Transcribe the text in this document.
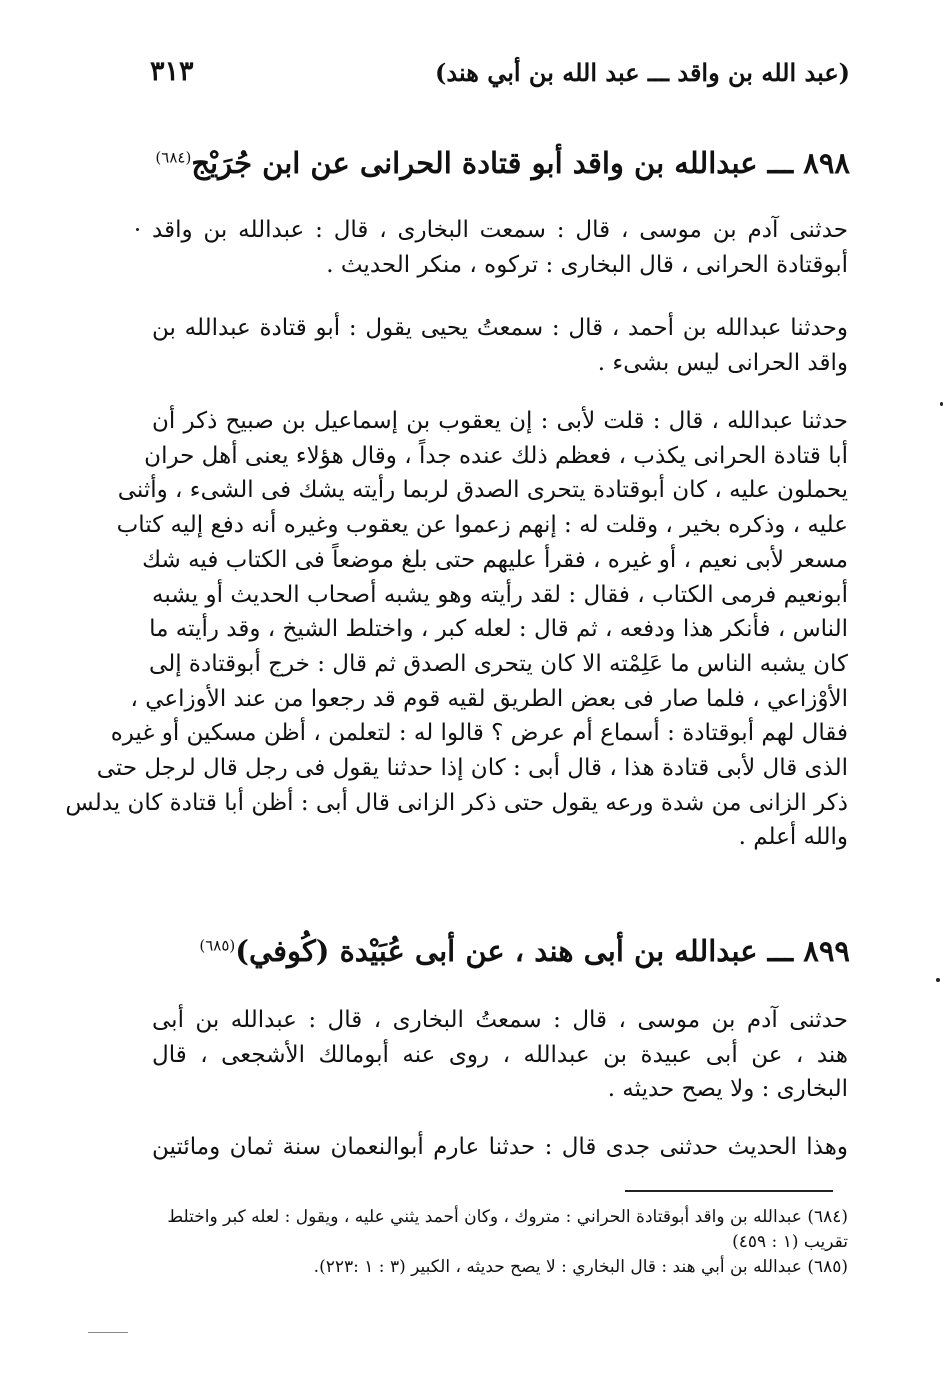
٣١٣	(عبد الله بن واقد ـــ عبد الله بن أبي هند)
٨٩٨ ـــ عبدالله بن واقد أبو قتادة الحرانى عن ابن جُرَيْج$^{(٦٨٤)}$
حدثنى آدم بن موسى ، قال : سمعت البخارى ، قال : عبدالله بن واقد
أبوقتادة الحرانى ، قال البخارى : تركوه ، منكر الحديث .
وحدثنا عبدالله بن أحمد ، قال : سمعتُ يحيى يقول : أبو قتادة عبدالله بن
واقد الحرانى ليس بشىء .
حدثنا عبدالله ، قال : قلت لأبى : إن يعقوب بن إسماعيل بن صبيح ذكر أن
أبا قتادة الحرانى يكذب ، فعظم ذلك عنده جداً ، وقال هؤلاء يعنى أهل حران
يحملون عليه ، كان أبوقتادة يتحرى الصدق لربما رأيته يشك فى الشىء ، وأثنى
عليه ، وذكره بخير ، وقلت له : إنهم زعموا عن يعقوب وغيره أنه دفع إليه كتاب
مسعر لأبى نعيم ، أو غيره ، فقرأ عليهم حتى بلغ موضعاً فى الكتاب فيه شك
أبونعيم فرمى الكتاب ، فقال : لقد رأيته وهو يشبه أصحاب الحديث أو يشبه
الناس ، فأنكر هذا ودفعه ، ثم قال : لعله كبر ، واختلط الشيخ ، وقد رأيته ما
كان يشبه الناس ما عَلِمْته الا كان يتحرى الصدق ثم قال : خرج أبوقتادة إلى
الأوْزاعي ، فلما صار فى بعض الطريق لقيه قوم قد رجعوا من عند الأوزاعي ،
فقال لهم أبوقتادة : أسماع أم عرض ؟ قالوا له : لتعلمن ، أظن مسكين أو غيره
الذى قال لأبى قتادة هذا ، قال أبى : كان إذا حدثنا يقول فى رجل قال لرجل حتى
ذكر الزانى من شدة ورعه يقول حتى ذكر الزانى قال أبى : أظن أبا قتادة كان يدلس
والله أعلم .
٨٩٩ ـــ عبدالله بن أبى هند ، عن أبى عُبَيْدة (كُوفي)$^{(٦٨٥)}$
حدثنى آدم بن موسى ، قال : سمعتُ البخارى ، قال : عبدالله بن أبى
هند ، عن أبى عبيدة بن عبدالله ، روى عنه أبومالك الأشجعى ، قال
البخارى : ولا يصح حديثه .
وهذا الحديث حدثنى جدى قال : حدثنا عارم أبوالنعمان سنة ثمان ومائتين
(٦٨٤) عبدالله بن واقد أبوقتادة الحراني : متروك ، وكان أحمد يثني عليه ، ويقول : لعله كبر واختلط
تقريب (١ : ٤٥٩)
(٦٨٥) عبدالله بن أبي هند : قال البخاري : لا يصح حديثه ، الكبير (٣ : ١ :٢٢٣).
